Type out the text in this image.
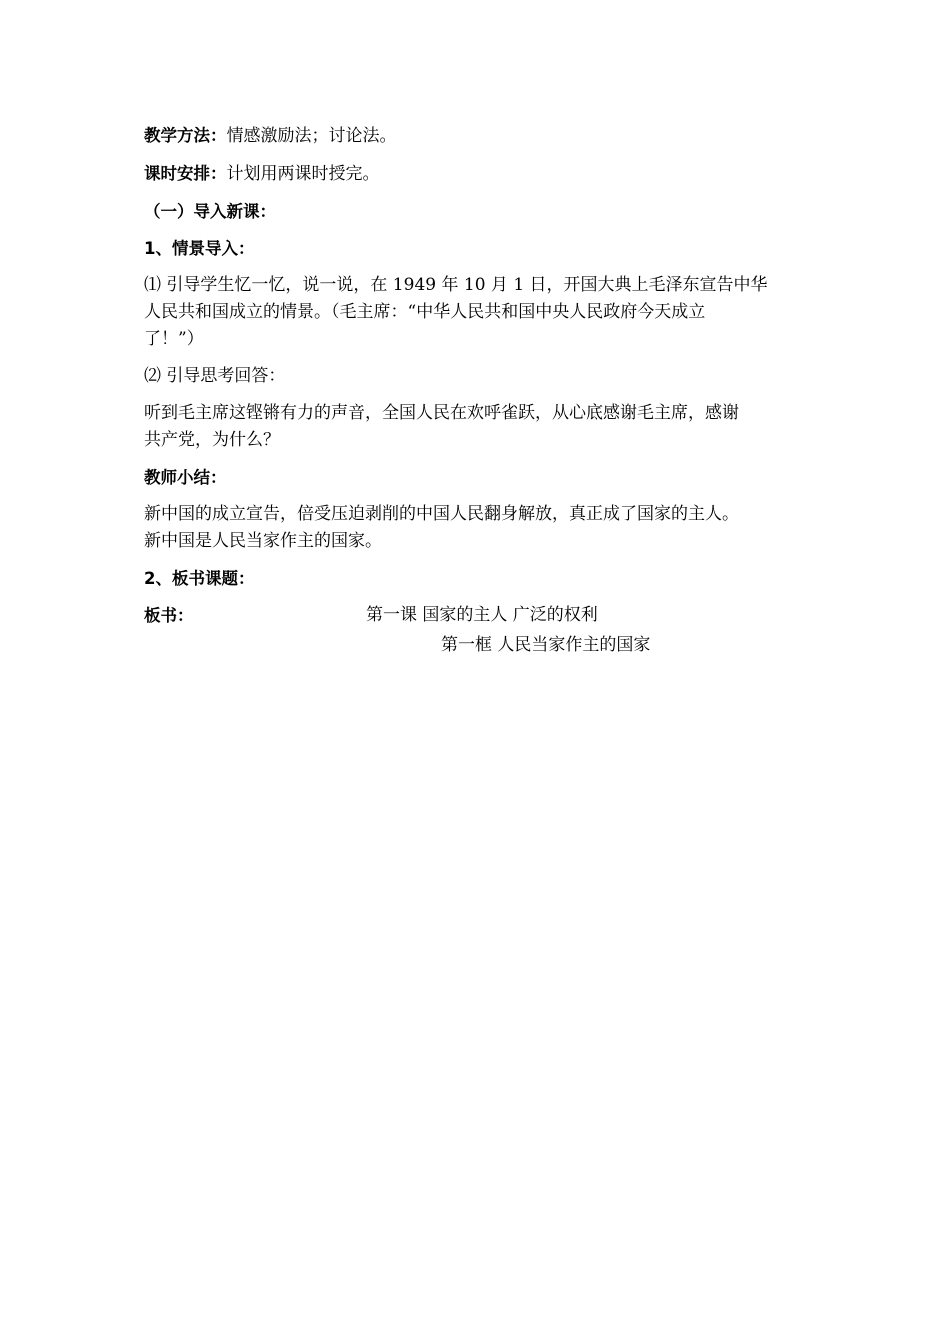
教学方法：情感激励法；讨论法。

课时安排：计划用两课时授完。

（一）导入新课：

1、情景导入：

⑴ 引导学生忆一忆，说一说，在 1949 年 10 月 1 日，开国大典上毛泽东宣告中华
人民共和国成立的情景。（毛主席：“中华人民共和国中央人民政府今天成立
了！”）

⑵ 引导思考回答：

听到毛主席这铿锵有力的声音，全国人民在欢呼雀跃，从心底感谢毛主席，感谢
共产党，为什么？

教师小结：

新中国的成立宣告，倍受压迫剥削的中国人民翻身解放，真正成了国家的主人。
新中国是人民当家作主的国家。

2、板书课题：

板书：	第一课 国家的主人 广泛的权利
第一框 人民当家作主的国家
